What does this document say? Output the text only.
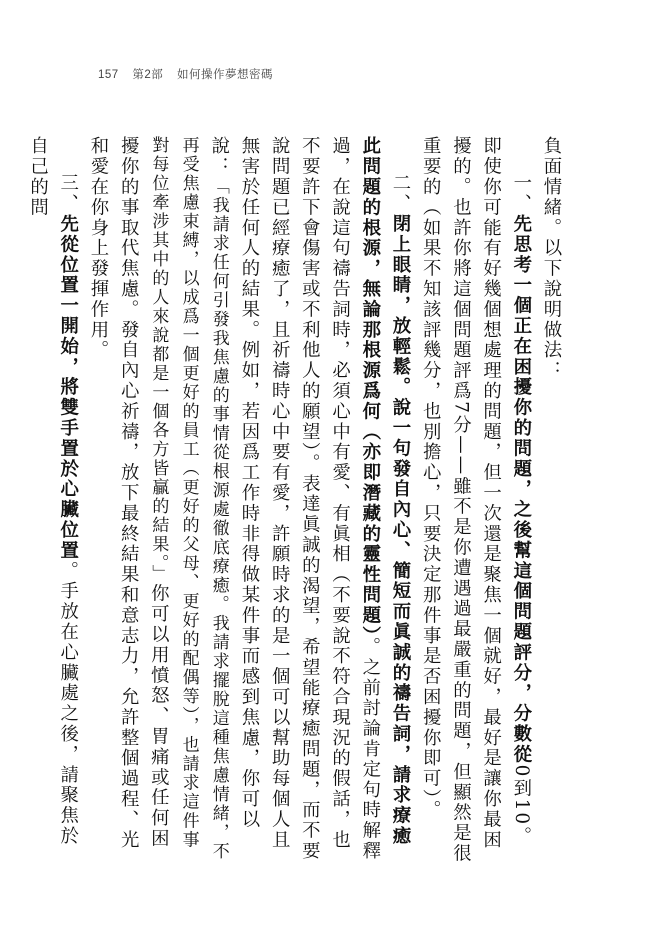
157 第2部 如何操作夢想密碼

負面情緒。以下說明做法：

一、先思考一個正在困擾你的問題，之後幫這個問題評分，分數從0到10。即使你可能有好幾個想處理的問題，但一次還是聚焦一個就好，最好是讓你最困擾的。也許你將這個問題評爲7分——雖不是你遭遇過最嚴重的問題，但顯然是很重要的（如果不知該評幾分，也別擔心，只要決定那件事是否困擾你即可）。

二、閉上眼睛，放輕鬆。說一句發自內心、簡短而眞誠的禱告詞，請求療癒此問題的根源，無論那根源爲何（亦即潛藏的靈性問題）。之前討論肯定句時解釋過，在說這句禱告詞時，必須心中有愛、有眞相（不要說不符合現況的假話，也不要許下會傷害或不利他人的願望）。表達眞誠的渴望，希望能療癒問題，而不要說問題已經療癒了，且祈禱時心中要有愛，許願時求的是一個可以幫助每個人且無害於任何人的結果。例如，若因爲工作時非得做某件事而感到焦慮，你可以說：「我請求任何引發我焦慮的事情從根源處徹底療癒。我請求擺脫這種焦慮情緒，不再受焦慮束縛，以成爲一個更好的員工（更好的父母、更好的配偶等），也請求這件事對每位牽涉其中的人來說都是一個各方皆贏的結果。」你可以用憤怒、胃痛或任何困擾你的事取代焦慮。發自內心祈禱，放下最終結果和意志力，允許整個過程、光和愛在你身上發揮作用。

三、先從位置一開始，將雙手置於心臟位置。手放在心臟處之後，請聚焦於自己的問
